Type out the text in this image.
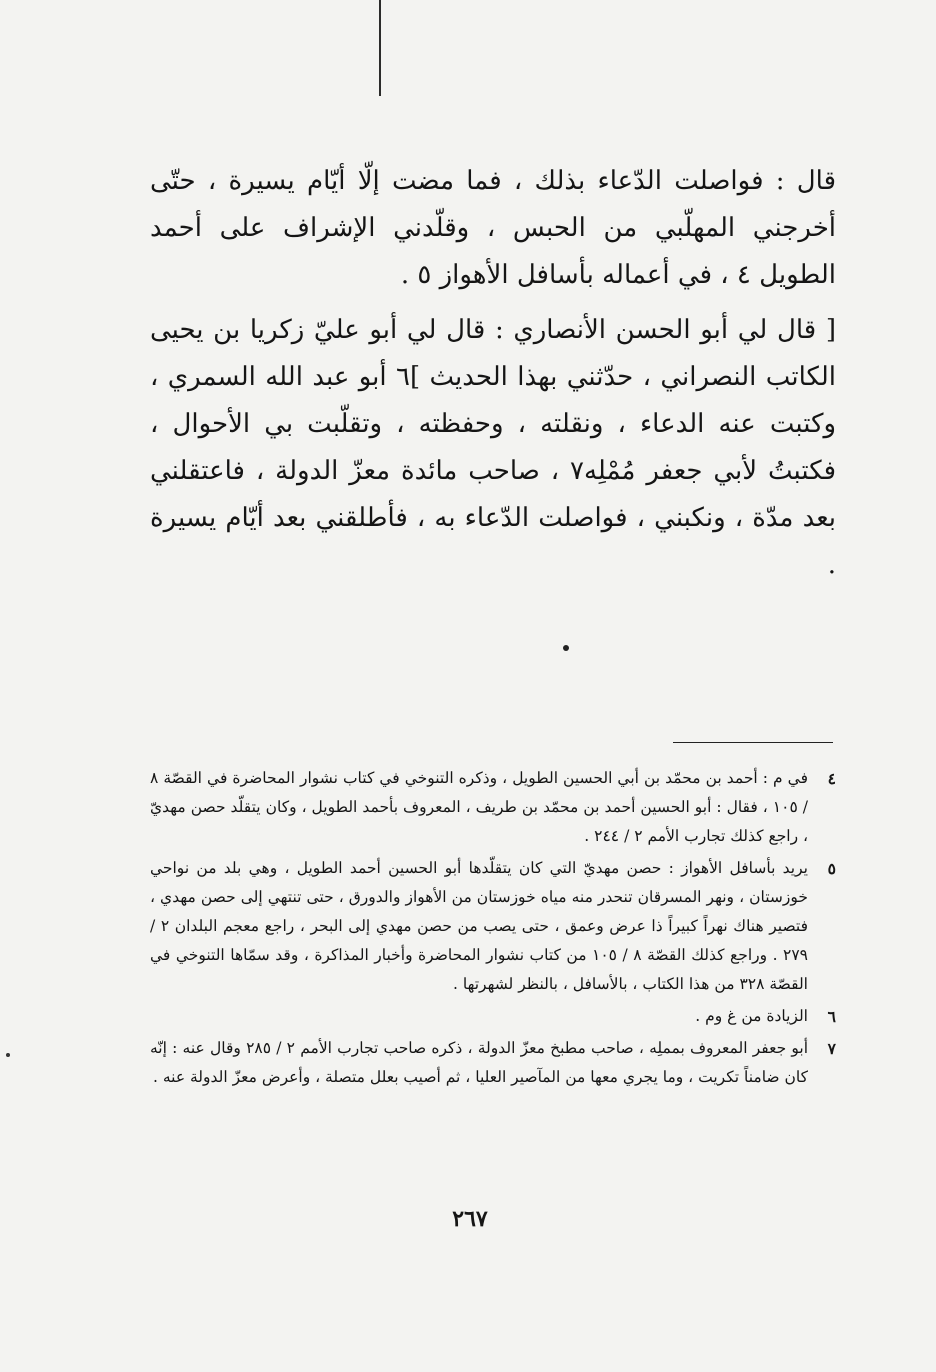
قال : فواصلت الدّعاء بذلك ، فما مضت إلّا أيّام يسيرة ، حتّى أخرجني المهلّبي من الحبس ، وقلّدني الإشراف على أحمد الطويل ٤ ، في أعماله بأسافل الأهواز ٥ .

[ قال لي أبو الحسن الأنصاري : قال لي أبو عليّ زكريا بن يحيى الكاتب النصراني ، حدّثني بهذا الحديث ]٦ أبو عبد الله السمري ، وكتبت عنه الدعاء ، ونقلته ، وحفظته ، وتقلّبت بي الأحوال ، فكتبتُ لأبي جعفر مُمْلِه٧ ، صاحب مائدة معزّ الدولة ، فاعتقلني بعد مدّة ، ونكبني ، فواصلت الدّعاء به ، فأطلقني بعد أيّام يسيرة .

٤
في م : أحمد بن محمّد بن أبي الحسين الطويل ، وذكره التنوخي في كتاب نشوار المحاضرة في القصّة ٨ / ١٠٥ ، فقال : أبو الحسين أحمد بن محمّد بن طريف ، المعروف بأحمد الطويل ، وكان يتقلّد حصن مهديّ ، راجع كذلك تجارب الأمم ٢ / ٢٤٤ .
٥
يريد بأسافل الأهواز : حصن مهديّ التي كان يتقلّدها أبو الحسين أحمد الطويل ، وهي بلد من نواحي خوزستان ، ونهر المسرقان تنحدر منه مياه خوزستان من الأهواز والدورق ، حتى تنتهي إلى حصن مهدي ، فتصير هناك نهراً كبيراً ذا عرض وعمق ، حتى يصب من حصن مهدي إلى البحر ، راجع معجم البلدان ٢ / ٢٧٩ . وراجع كذلك القصّة ٨ / ١٠٥ من كتاب نشوار المحاضرة وأخبار المذاكرة ، وقد سمّاها التنوخي في القصّة ٣٢٨ من هذا الكتاب ، بالأسافل ، بالنظر لشهرتها .
٦
الزيادة من غ وم .
٧
أبو جعفر المعروف بمملِه ، صاحب مطبخ معزّ الدولة ، ذكره صاحب تجارب الأمم ٢ / ٢٨٥ وقال عنه : إنّه كان ضامناً تكريت ، وما يجري معها من المآصير العليا ، ثم أصيب بعلل متصلة ، وأعرض معزّ الدولة عنه .
٢٦٧
